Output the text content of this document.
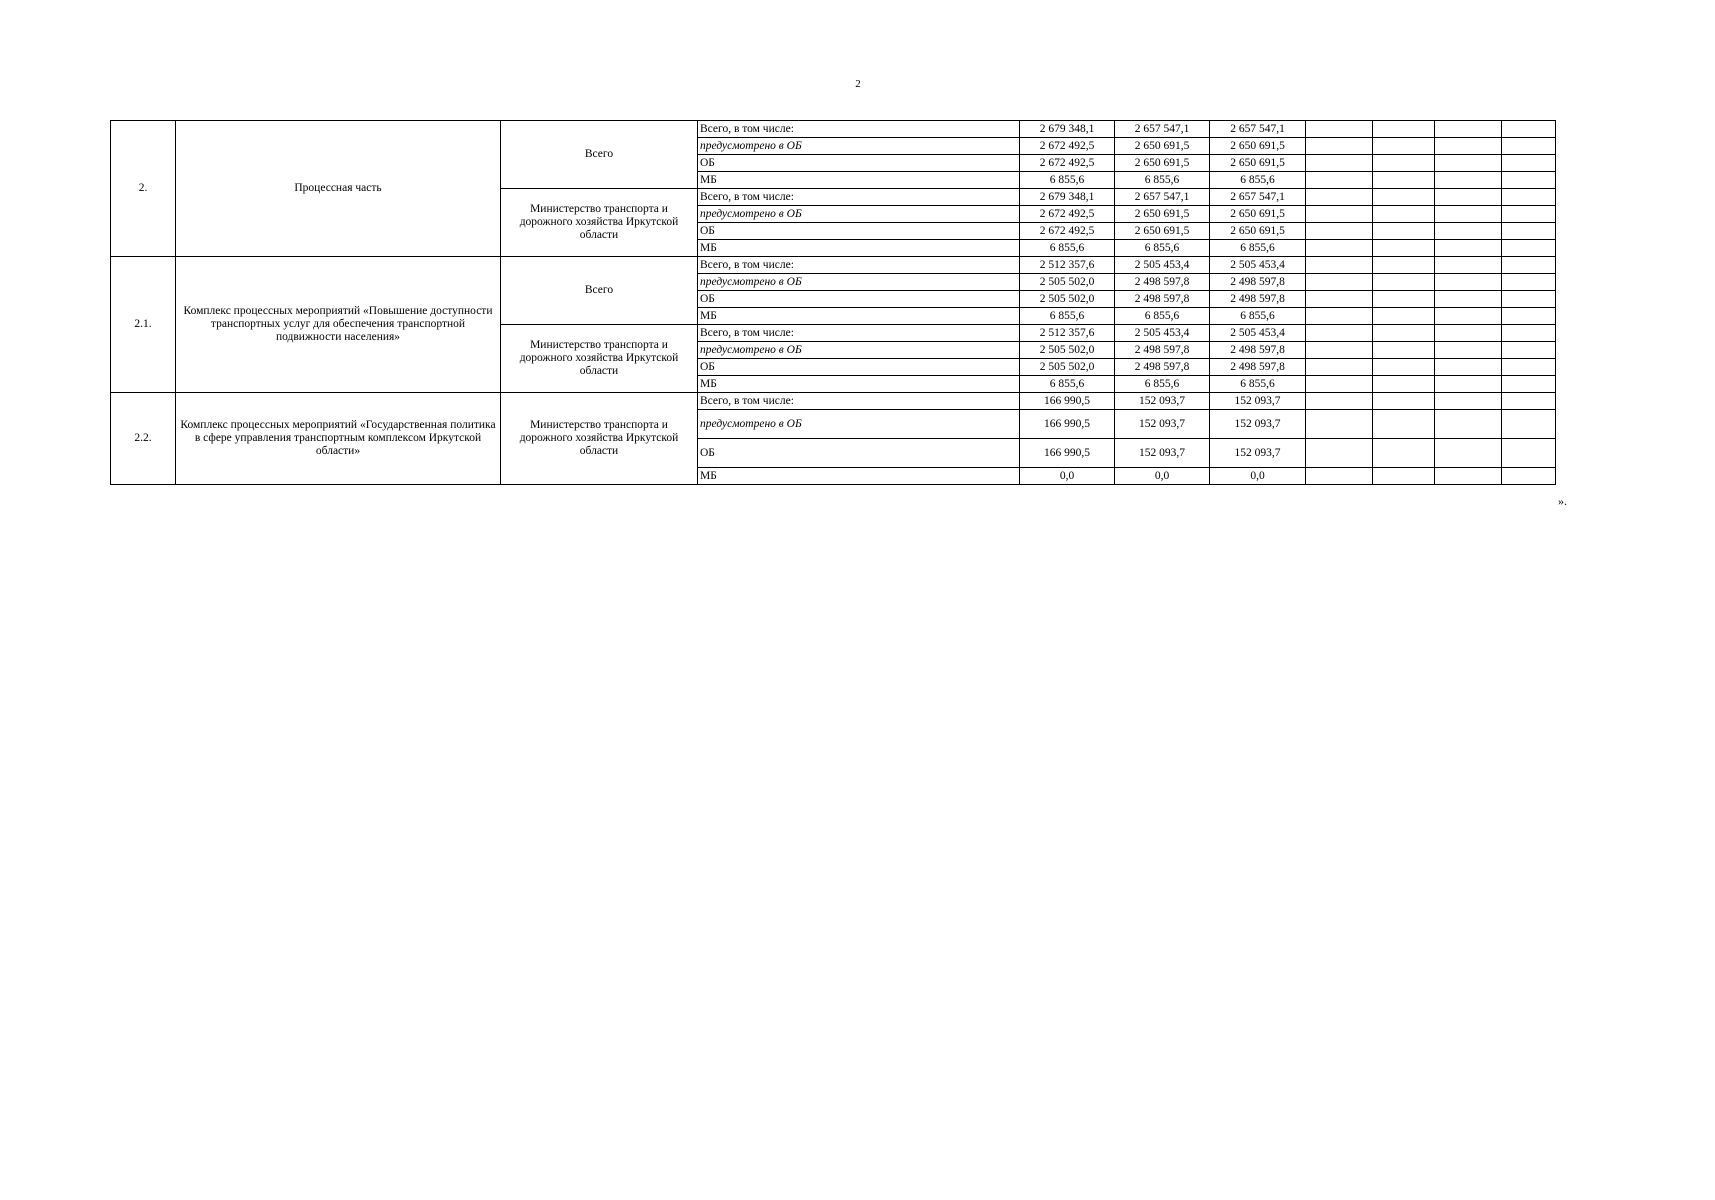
2
2.	Процессная часть	Всего	Всего, в том числе:	2 679 348,1	2 657 547,1	2 657 547,1				
			предусмотрено в ОБ	2 672 492,5	2 650 691,5	2 650 691,5				
			ОБ	2 672 492,5	2 650 691,5	2 650 691,5				
			МБ	6 855,6	6 855,6	6 855,6				
		Министерство транспорта и дорожного хозяйства Иркутской области	Всего, в том числе:	2 679 348,1	2 657 547,1	2 657 547,1				
			предусмотрено в ОБ	2 672 492,5	2 650 691,5	2 650 691,5				
			ОБ	2 672 492,5	2 650 691,5	2 650 691,5				
			МБ	6 855,6	6 855,6	6 855,6				
2.1.	Комплекс процессных мероприятий «Повышение доступности транспортных услуг для обеспечения транспортной подвижности населения»	Всего	Всего, в том числе:	2 512 357,6	2 505 453,4	2 505 453,4				
			предусмотрено в ОБ	2 505 502,0	2 498 597,8	2 498 597,8				
			ОБ	2 505 502,0	2 498 597,8	2 498 597,8				
			МБ	6 855,6	6 855,6	6 855,6				
		Министерство транспорта и дорожного хозяйства Иркутской области	Всего, в том числе:	2 512 357,6	2 505 453,4	2 505 453,4				
			предусмотрено в ОБ	2 505 502,0	2 498 597,8	2 498 597,8				
			ОБ	2 505 502,0	2 498 597,8	2 498 597,8				
			МБ	6 855,6	6 855,6	6 855,6				
2.2.	Комплекс процессных мероприятий «Государственная политика в сфере управления транспортным комплексом Иркутской области»	Министерство транспорта и дорожного хозяйства Иркутской области	Всего, в том числе:	166 990,5	152 093,7	152 093,7				
			предусмотрено в ОБ	166 990,5	152 093,7	152 093,7				
			ОБ	166 990,5	152 093,7	152 093,7				
			МБ	0,0	0,0	0,0				
».
